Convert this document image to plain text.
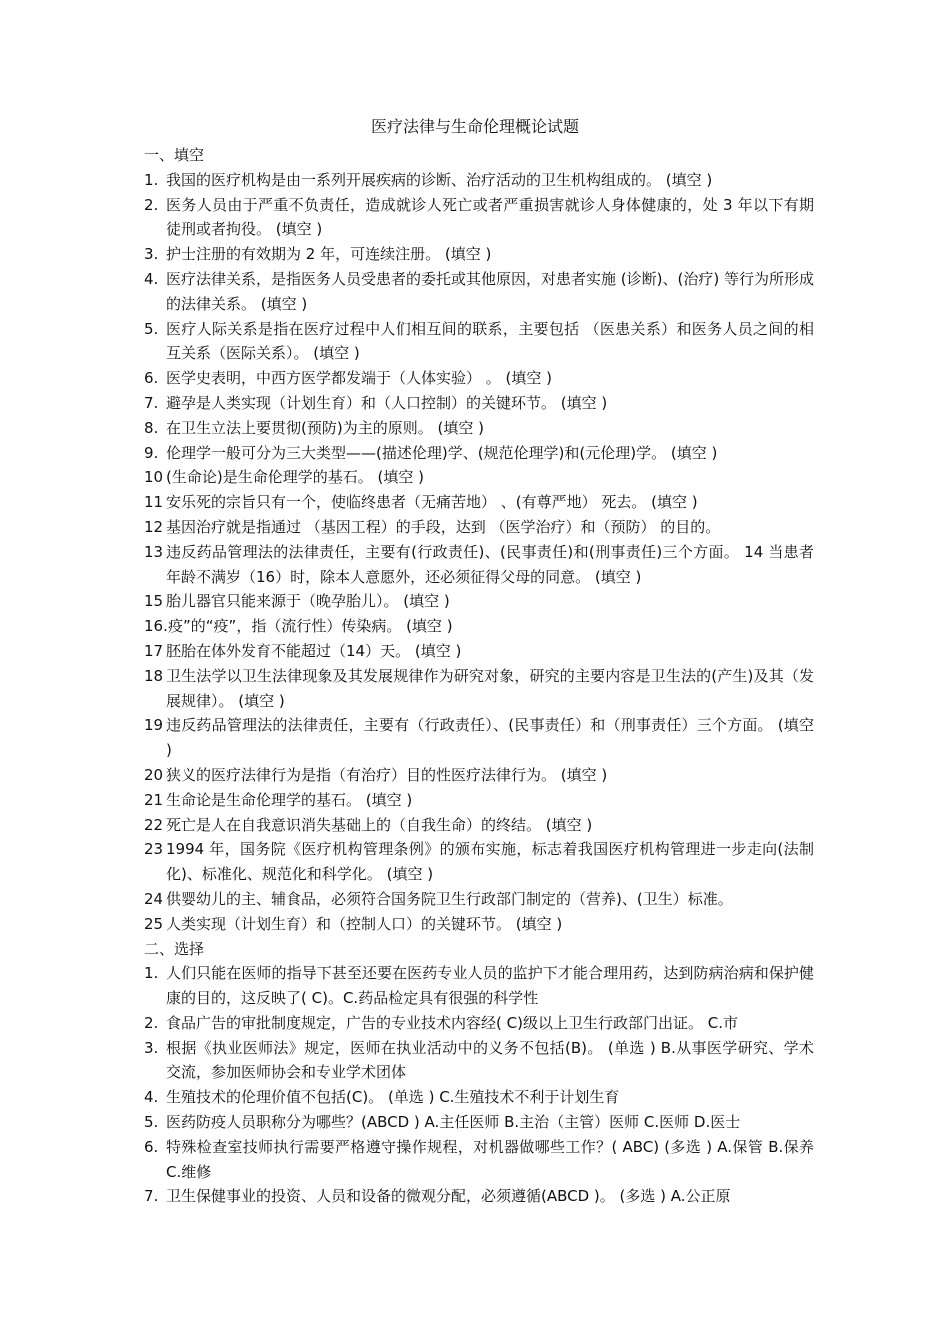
医疗法律与生命伦理概论试题
一、填空
1. 我国的医疗机构是由一系列开展疾病的诊断、治疗活动的卫生机构组成的。 (填空 )
2. 医务人员由于严重不负责任，造成就诊人死亡或者严重损害就诊人身体健康的，处 3 年以下有期徒刑或者拘役。 (填空 )
3. 护士注册的有效期为 2 年，可连续注册。 (填空 )
4. 医疗法律关系，是指医务人员受患者的委托或其他原因，对患者实施 (诊断)、(治疗) 等行为所形成的法律关系。 (填空 )
5. 医疗人际关系是指在医疗过程中人们相互间的联系，主要包括 （医患关系）和医务人员之间的相互关系（医际关系）。 (填空 )
6. 医学史表明，中西方医学都发端于（人体实验） 。 (填空 )
7. 避孕是人类实现（计划生育）和（人口控制）的关键环节。 (填空 )
8. 在卫生立法上要贯彻(预防)为主的原则。 (填空 )
9. 伦理学一般可分为三大类型——(描述伦理)学、(规范伦理学)和(元伦理)学。 (填空 )
10 (生命论)是生命伦理学的基石。 (填空 )
11 安乐死的宗旨只有一个，使临终患者（无痛苦地） 、(有尊严地） 死去。 (填空 )
12 基因治疗就是指通过 （基因工程）的手段，达到 （医学治疗）和（预防） 的目的。
13 违反药品管理法的法律责任，主要有(行政责任)、(民事责任)和(刑事责任)三个方面。 14 当患者年龄不满岁（16）时，除本人意愿外，还必须征得父母的同意。 (填空 )
15 胎儿器官只能来源于（晚孕胎儿）。 (填空 )
16. 疫”的“疫”，指（流行性）传染病。 (填空 )
17 胚胎在体外发育不能超过（14）天。 (填空 )
18 卫生法学以卫生法律现象及其发展规律作为研究对象，研究的主要内容是卫生法的(产生)及其（发展规律）。 (填空 )
19 违反药品管理法的法律责任，主要有（行政责任）、(民事责任）和（刑事责任）三个方面。 (填空 )
20 狭义的医疗法律行为是指（有治疗）目的性医疗法律行为。 (填空 )
21 生命论是生命伦理学的基石。 (填空 )
22 死亡是人在自我意识消失基础上的（自我生命）的终结。 (填空 )
23 1994 年，国务院《医疗机构管理条例》的颁布实施，标志着我国医疗机构管理进一步走向(法制化)、标准化、规范化和科学化。 (填空 )
24 供婴幼儿的主、辅食品，必须符合国务院卫生行政部门制定的（营养)、(卫生）标准。
25 人类实现（计划生育）和（控制人口）的关键环节。 (填空 )
二、选择
1. 人们只能在医师的指导下甚至还要在医药专业人员的监护下才能合理用药，达到防病治病和保护健康的目的，这反映了( C)。C.药品检定具有很强的科学性
2. 食品广告的审批制度规定，广告的专业技术内容经( C)级以上卫生行政部门出证。 C.市
3. 根据《执业医师法》规定，医师在执业活动中的义务不包括(B)。 (单选 ) B.从事医学研究、学术交流，参加医师协会和专业学术团体
4. 生殖技术的伦理价值不包括(C)。 (单选 ) C.生殖技术不利于计划生育
5. 医药防疫人员职称分为哪些？(ABCD ) A.主任医师 B.主治（主管）医师 C.医师 D.医士
6. 特殊检查室技师执行需要严格遵守操作规程，对机器做哪些工作？( ABC) (多选 ) A.保管 B.保养 C.维修
7. 卫生保健事业的投资、人员和设备的微观分配，必须遵循(ABCD )。 (多选 ) A.公正原
